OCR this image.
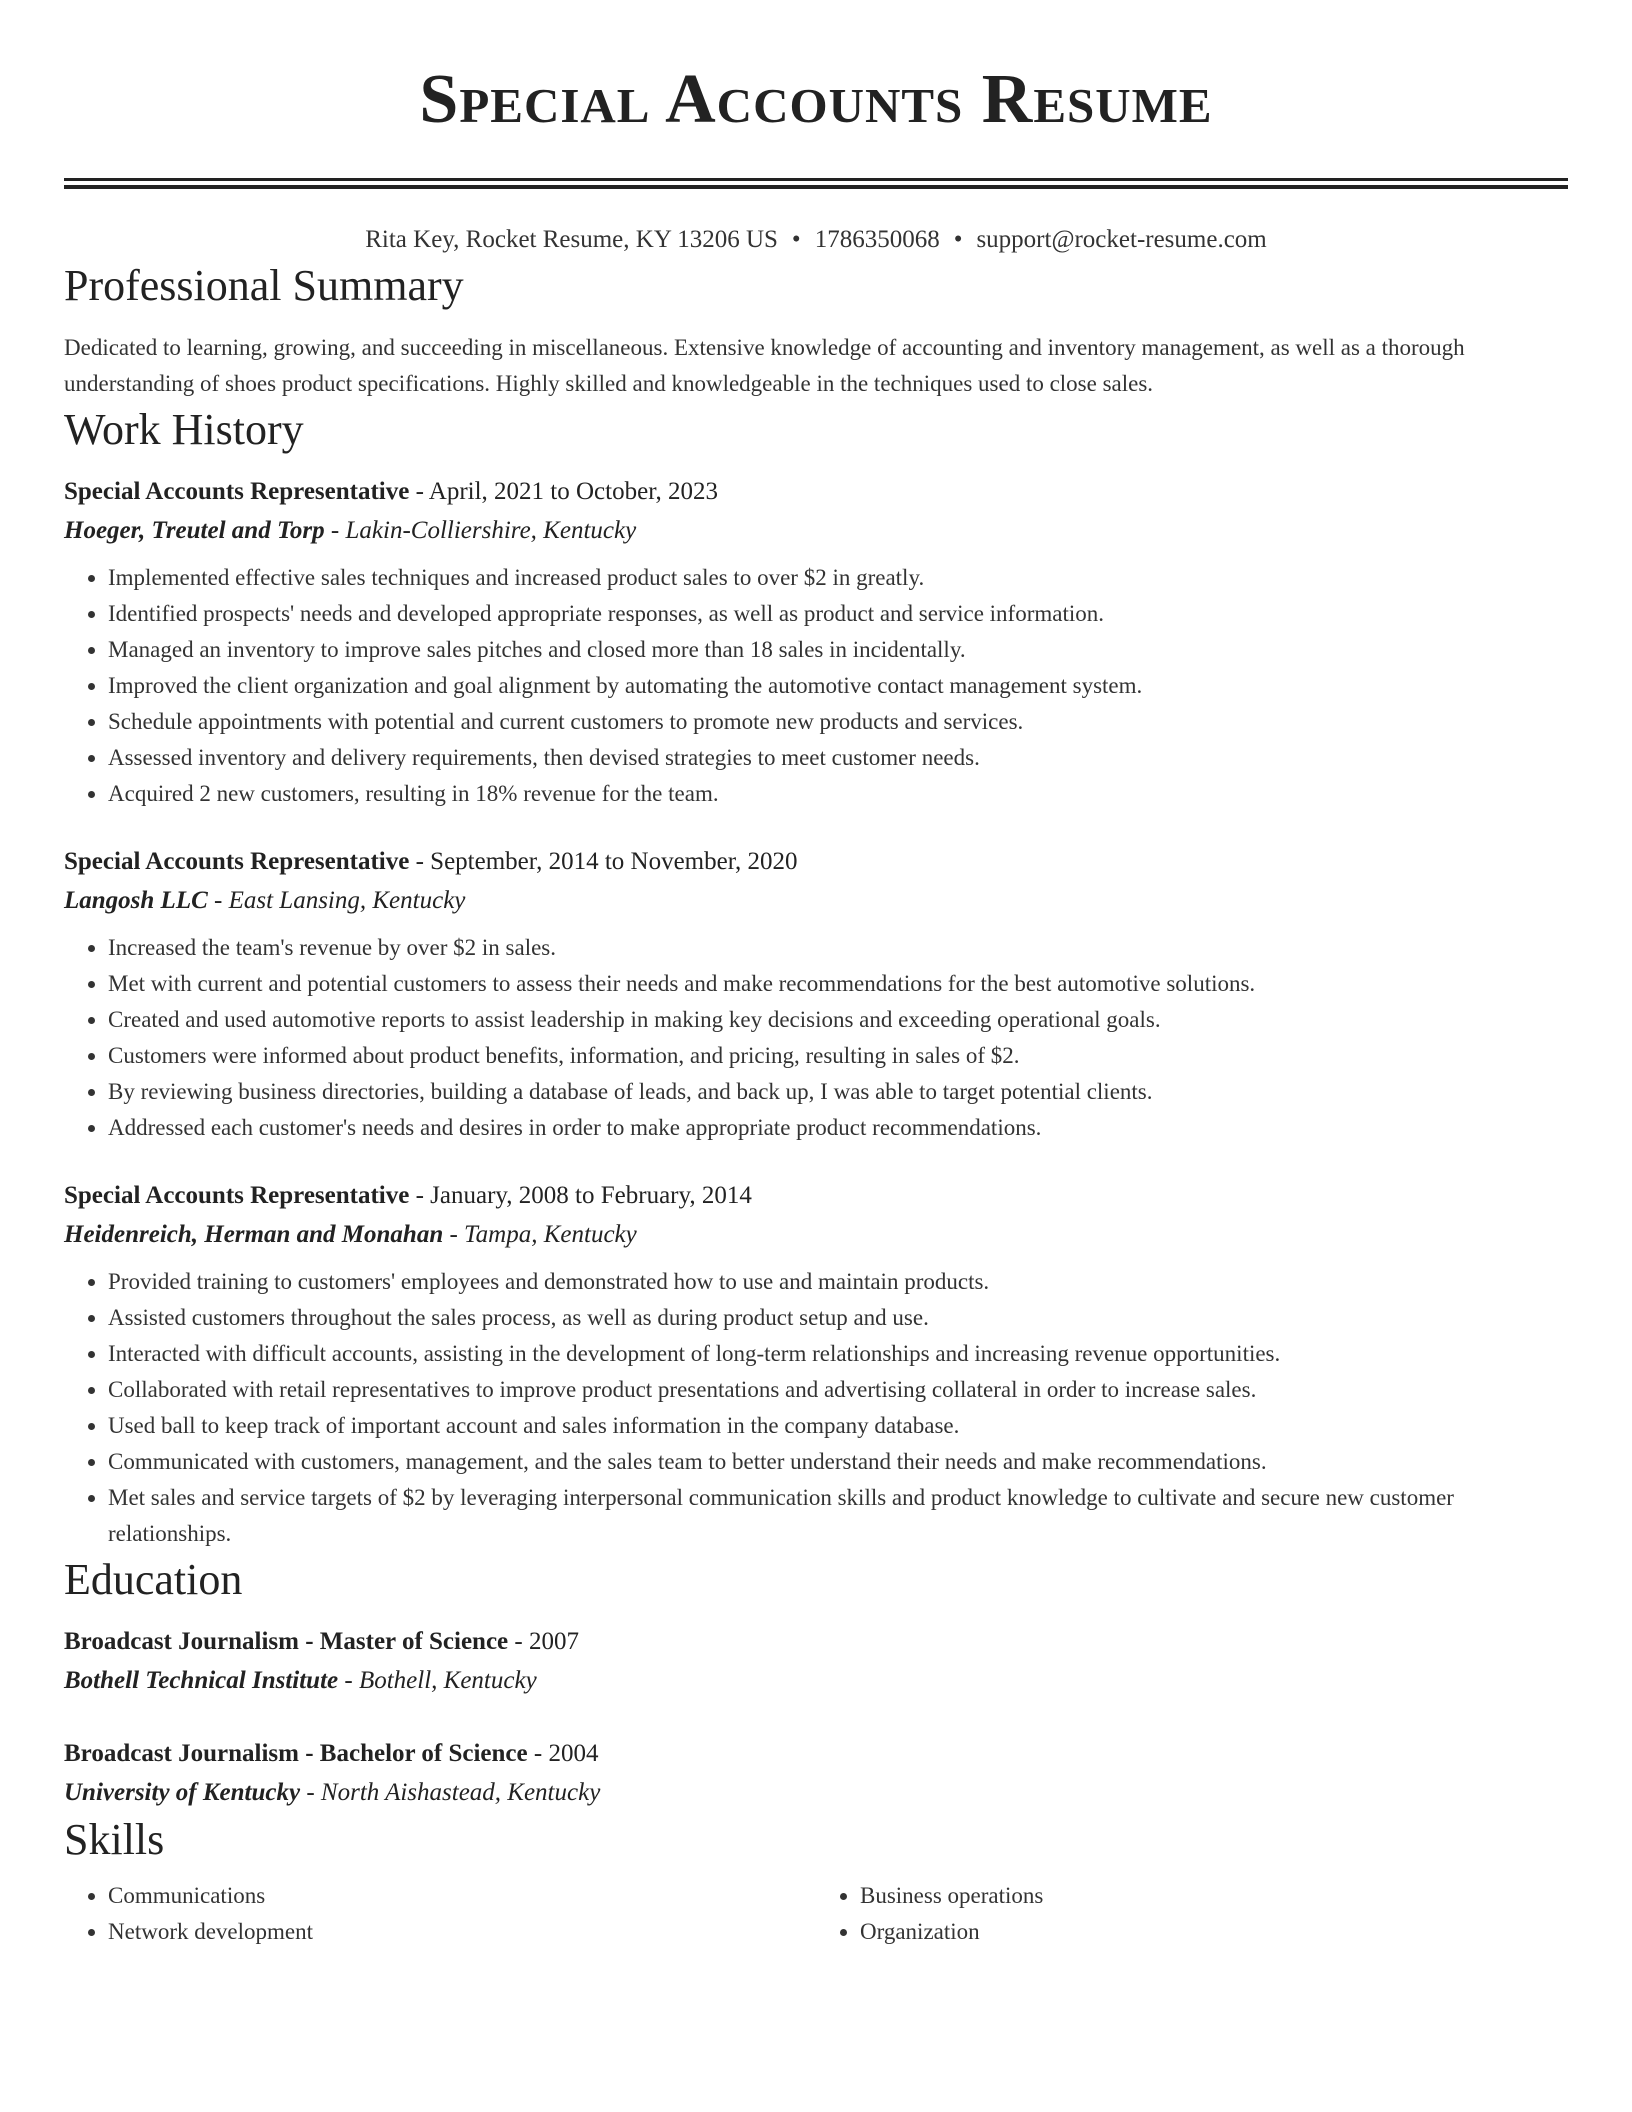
Special Accounts Resume
Rita Key, Rocket Resume, KY 13206 US • 1786350068 • support@rocket-resume.com
Professional Summary
Dedicated to learning, growing, and succeeding in miscellaneous. Extensive knowledge of accounting and inventory management, as well as a thorough understanding of shoes product specifications. Highly skilled and knowledgeable in the techniques used to close sales.
Work History
Special Accounts Representative - April, 2021 to October, 2023
Hoeger, Treutel and Torp - Lakin-Colliershire, Kentucky
• Implemented effective sales techniques and increased product sales to over $2 in greatly.
• Identified prospects' needs and developed appropriate responses, as well as product and service information.
• Managed an inventory to improve sales pitches and closed more than 18 sales in incidentally.
• Improved the client organization and goal alignment by automating the automotive contact management system.
• Schedule appointments with potential and current customers to promote new products and services.
• Assessed inventory and delivery requirements, then devised strategies to meet customer needs.
• Acquired 2 new customers, resulting in 18% revenue for the team.
Special Accounts Representative - September, 2014 to November, 2020
Langosh LLC - East Lansing, Kentucky
• Increased the team's revenue by over $2 in sales.
• Met with current and potential customers to assess their needs and make recommendations for the best automotive solutions.
• Created and used automotive reports to assist leadership in making key decisions and exceeding operational goals.
• Customers were informed about product benefits, information, and pricing, resulting in sales of $2.
• By reviewing business directories, building a database of leads, and back up, I was able to target potential clients.
• Addressed each customer's needs and desires in order to make appropriate product recommendations.
Special Accounts Representative - January, 2008 to February, 2014
Heidenreich, Herman and Monahan - Tampa, Kentucky
• Provided training to customers' employees and demonstrated how to use and maintain products.
• Assisted customers throughout the sales process, as well as during product setup and use.
• Interacted with difficult accounts, assisting in the development of long-term relationships and increasing revenue opportunities.
• Collaborated with retail representatives to improve product presentations and advertising collateral in order to increase sales.
• Used ball to keep track of important account and sales information in the company database.
• Communicated with customers, management, and the sales team to better understand their needs and make recommendations.
• Met sales and service targets of $2 by leveraging interpersonal communication skills and product knowledge to cultivate and secure new customer relationships.
Education
Broadcast Journalism - Master of Science - 2007
Bothell Technical Institute - Bothell, Kentucky
Broadcast Journalism - Bachelor of Science - 2004
University of Kentucky - North Aishastead, Kentucky
Skills
• Communications
• Network development
• Business operations
• Organization
